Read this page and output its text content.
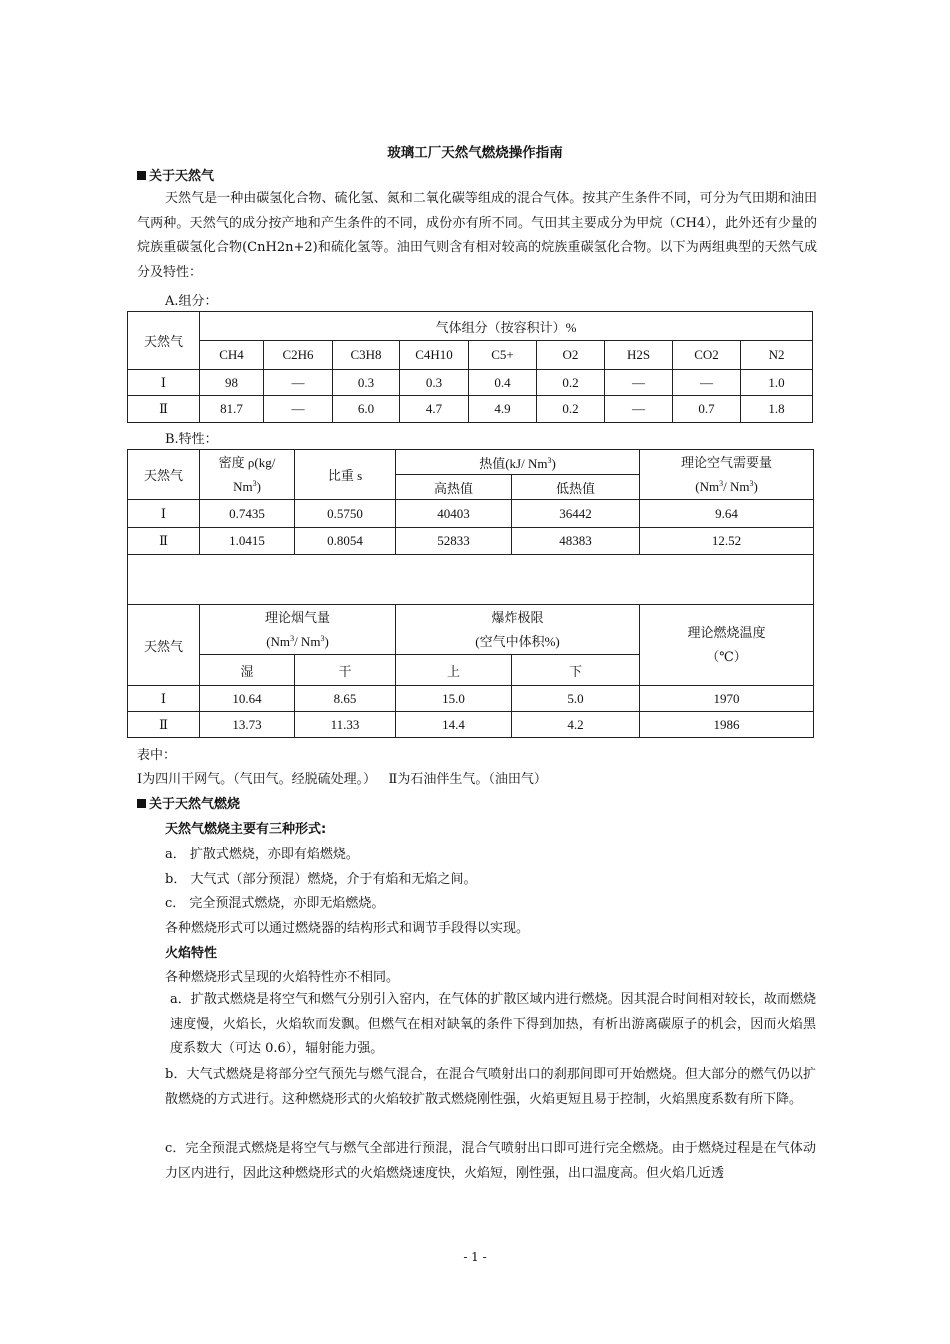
玻璃工厂天然气燃烧操作指南
关于天然气
天然气是一种由碳氢化合物、硫化氢、氮和二氧化碳等组成的混合气体。按其产生条件不同，可分为气田期和油田气两种。天然气的成分按产地和产生条件的不同，成份亦有所不同。气田其主要成分为甲烷（CH4），此外还有少量的烷族重碳氢化合物(CnH2n+2)和硫化氢等。油田气则含有相对较高的烷族重碳氢化合物。以下为两组典型的天然气成分及特性：
A.组分：
天然气	气体组分（按容积计）%								
	CH4	C2H6	C3H8	C4H10	C5+	O2	H2S	CO2	N2
Ⅰ	98	—	0.3	0.3	0.4	0.2	—	—	1.0
Ⅱ	81.7	—	6.0	4.7	4.9	0.2	—	0.7	1.8
B.特性：
天然气	密度 ρ(kg/
Nm$^3$)	比重 s	热值(kJ/ Nm$^3$)		理论空气需要量
(Nm$^3$/ Nm$^3$)
			高热值	低热值	
Ⅰ	0.7435	0.5750	40403	36442	9.64
Ⅱ	1.0415	0.8054	52833	48383	12.52

天然气	理论烟气量
(Nm$^3$/ Nm$^3$)		爆炸极限
(空气中体积%)		理论燃烧温度
（℃）
	湿	干	上	下	
Ⅰ	10.64	8.65	15.0	5.0	1970
Ⅱ	13.73	11.33	14.4	4.2	1986
表中：
Ⅰ为四川干网气。（气田气。经脱硫处理。）   Ⅱ为石油伴生气。（油田气）
关于天然气燃烧
天然气燃烧主要有三种形式:
a． 扩散式燃烧，亦即有焰燃烧。
b． 大气式（部分预混）燃烧，介于有焰和无焰之间。
c． 完全预混式燃烧，亦即无焰燃烧。
各种燃烧形式可以通过燃烧器的结构形式和调节手段得以实现。
火焰特性
各种燃烧形式呈现的火焰特性亦不相同。
a．扩散式燃烧是将空气和燃气分别引入窑内，在气体的扩散区域内进行燃烧。因其混合时间相对较长，故而燃烧速度慢，火焰长，火焰软而发飘。但燃气在相对缺氧的条件下得到加热，有析出游离碳原子的机会，因而火焰黑度系数大（可达 0.6），辐射能力强。
b．大气式燃烧是将部分空气预先与燃气混合，在混合气喷射出口的刹那间即可开始燃烧。但大部分的燃气仍以扩散燃烧的方式进行。这种燃烧形式的火焰较扩散式燃烧刚性强，火焰更短且易于控制，火焰黑度系数有所下降。
c．完全预混式燃烧是将空气与燃气全部进行预混，混合气喷射出口即可进行完全燃烧。由于燃烧过程是在气体动力区内进行，因此这种燃烧形式的火焰燃烧速度快，火焰短，刚性强，出口温度高。但火焰几近透
- 1 -
